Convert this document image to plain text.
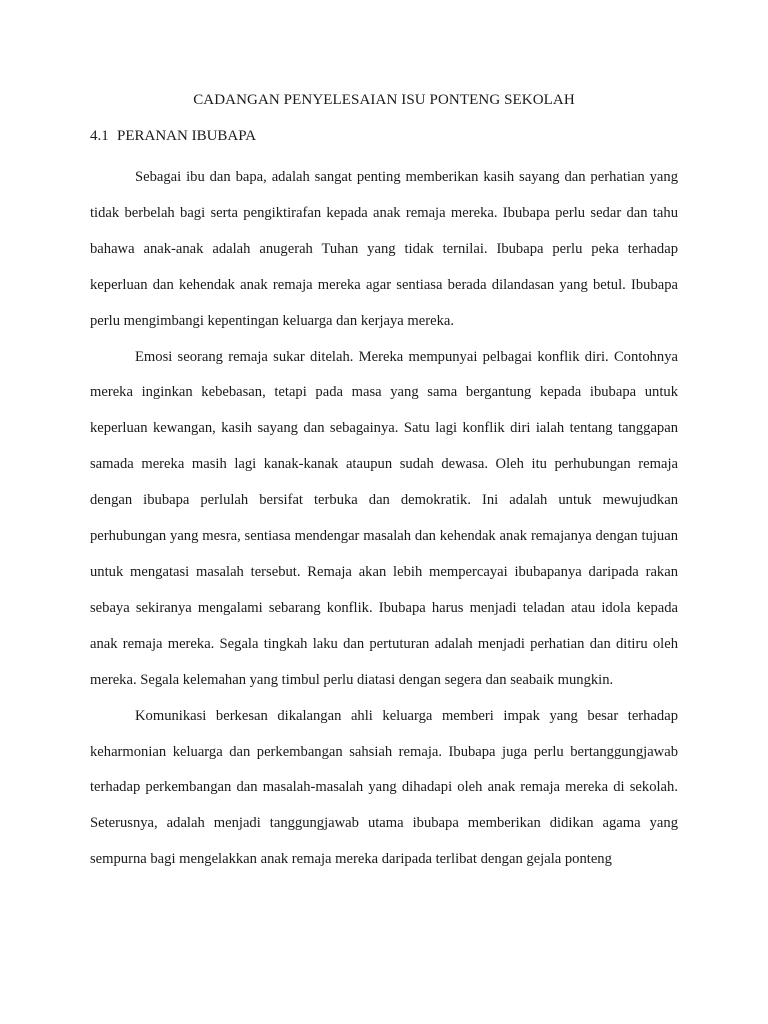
CADANGAN PENYELESAIAN ISU PONTENG SEKOLAH
4.1 PERANAN IBUBAPA

Sebagai ibu dan bapa, adalah sangat penting memberikan kasih sayang dan perhatian yang tidak berbelah bagi serta pengiktirafan kepada anak remaja mereka. Ibubapa perlu sedar dan tahu bahawa anak-anak adalah anugerah Tuhan yang tidak ternilai. Ibubapa perlu peka terhadap keperluan dan kehendak anak remaja mereka agar sentiasa berada dilandasan yang betul. Ibubapa perlu mengimbangi kepentingan keluarga dan kerjaya mereka.

Emosi seorang remaja sukar ditelah. Mereka mempunyai pelbagai konflik diri. Contohnya mereka inginkan kebebasan, tetapi pada masa yang sama bergantung kepada ibubapa untuk keperluan kewangan, kasih sayang dan sebagainya. Satu lagi konflik diri ialah tentang tanggapan samada mereka masih lagi kanak-kanak ataupun sudah dewasa. Oleh itu perhubungan remaja dengan ibubapa perlulah bersifat terbuka dan demokratik. Ini adalah untuk mewujudkan perhubungan yang mesra, sentiasa mendengar masalah dan kehendak anak remajanya dengan tujuan untuk mengatasi masalah tersebut. Remaja akan lebih mempercayai ibubapanya daripada rakan sebaya sekiranya mengalami sebarang konflik. Ibubapa harus menjadi teladan atau idola kepada anak remaja mereka. Segala tingkah laku dan pertuturan adalah menjadi perhatian dan ditiru oleh mereka. Segala kelemahan yang timbul perlu diatasi dengan segera dan seabaik mungkin.

Komunikasi berkesan dikalangan ahli keluarga memberi impak yang besar terhadap keharmonian keluarga dan perkembangan sahsiah remaja. Ibubapa juga perlu bertanggungjawab terhadap perkembangan dan masalah-masalah yang dihadapi oleh anak remaja mereka di sekolah. Seterusnya, adalah menjadi tanggungjawab utama ibubapa memberikan didikan agama yang sempurna bagi mengelakkan anak remaja mereka daripada terlibat dengan gejala ponteng
